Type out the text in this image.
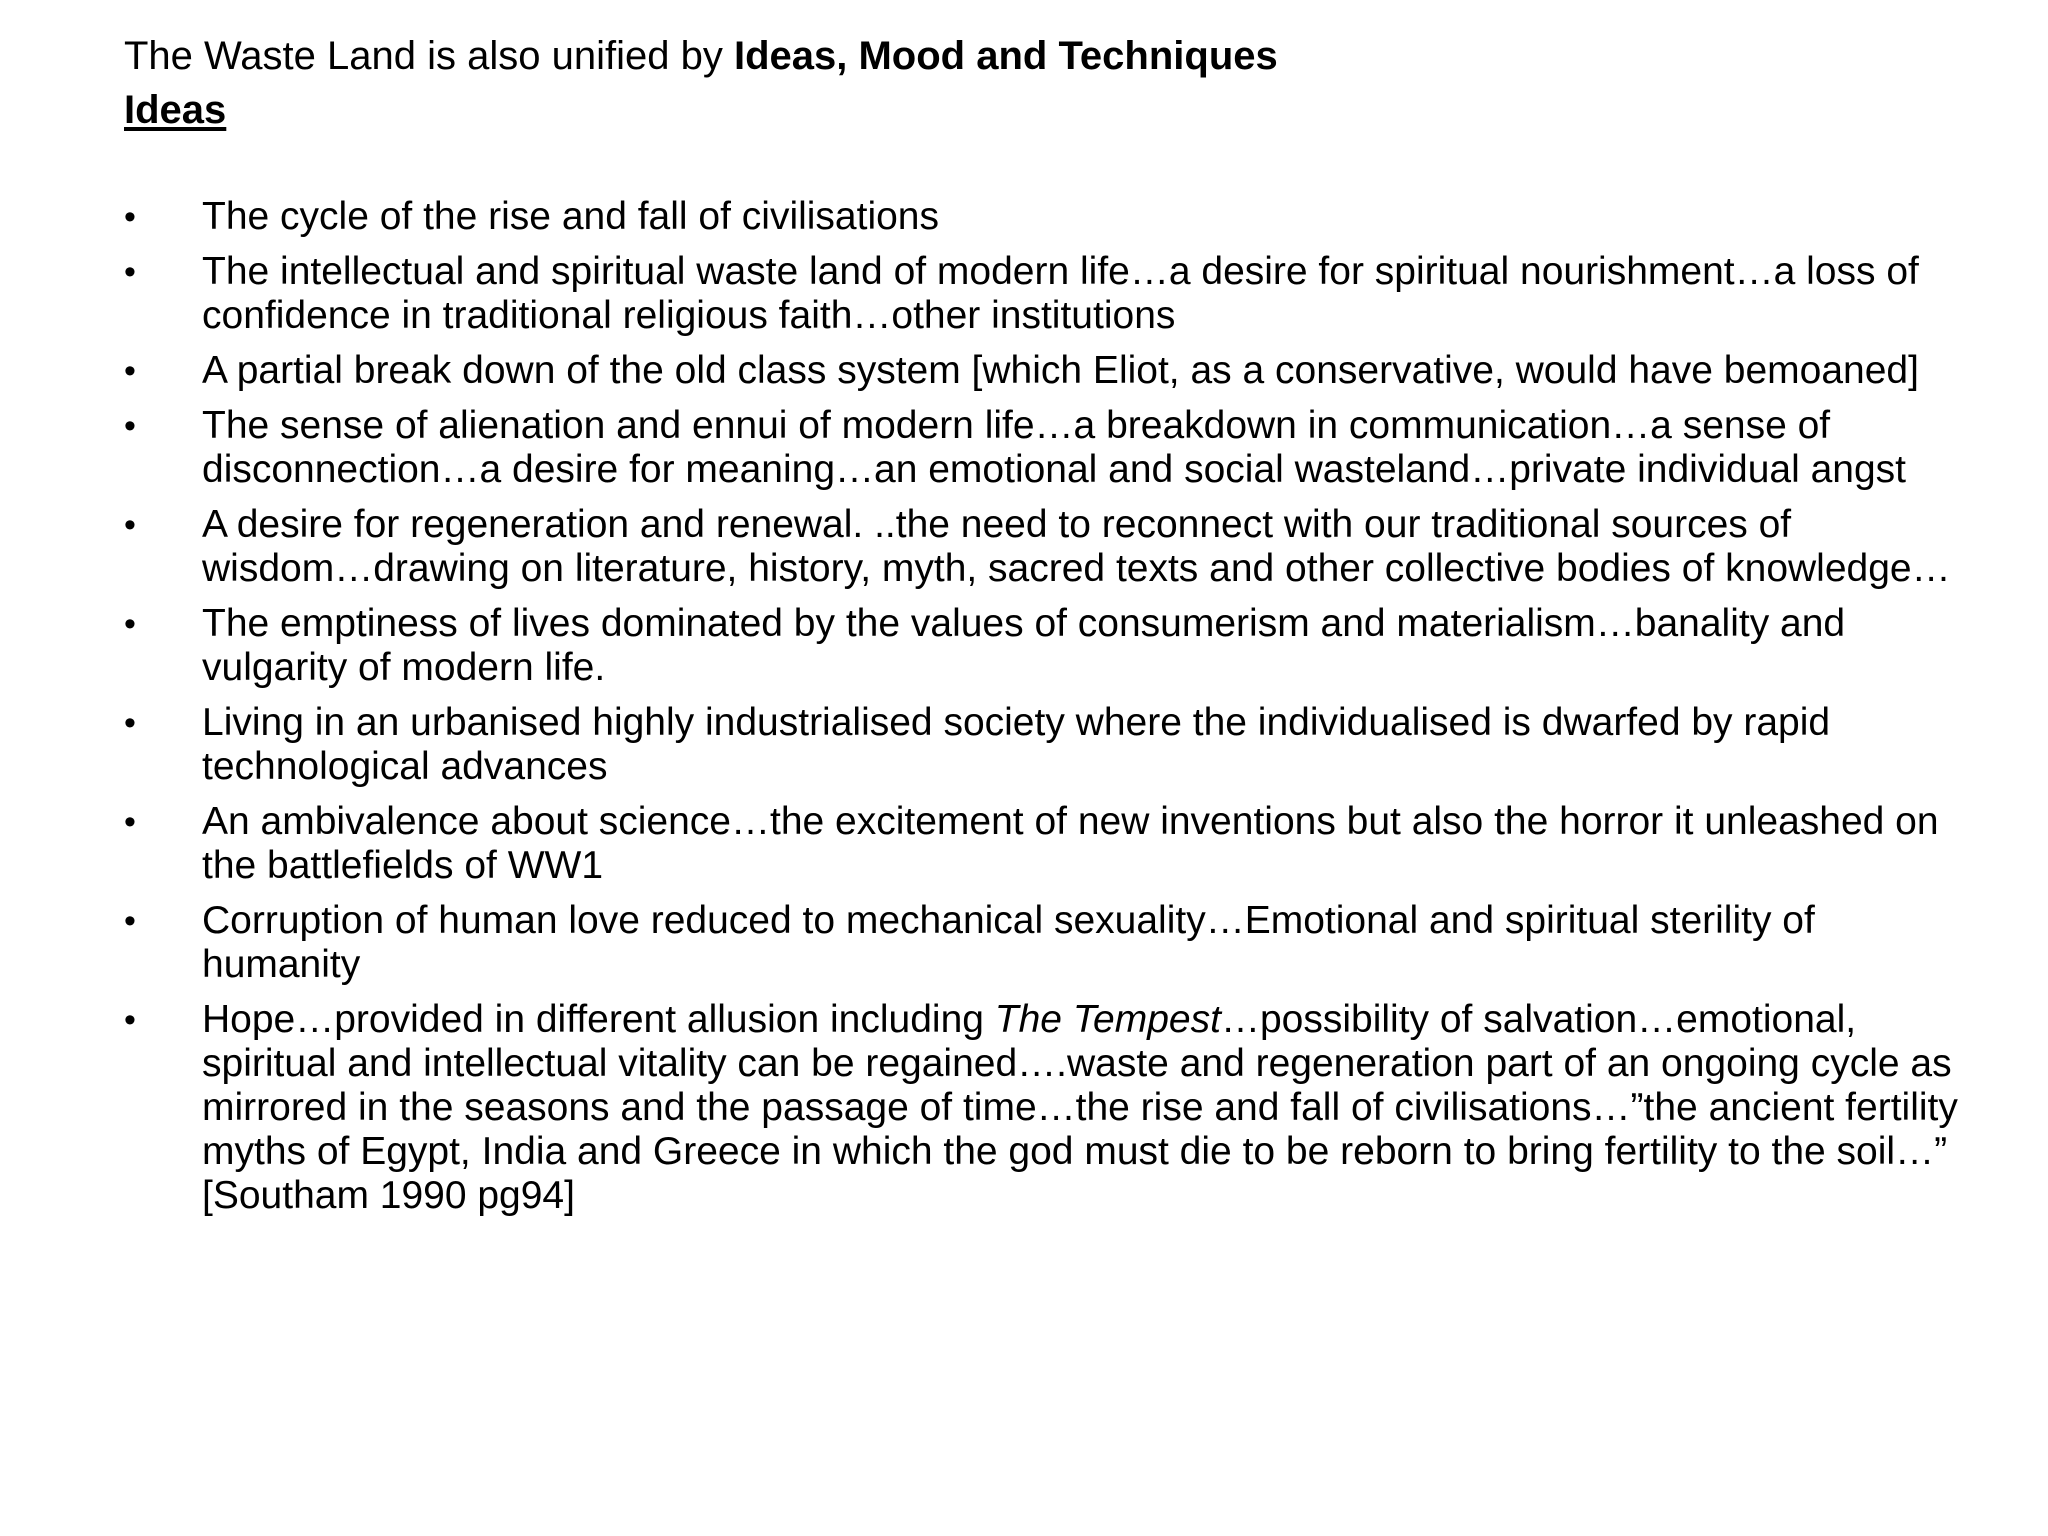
The Waste Land is also unified by Ideas, Mood and Techniques
Ideas
• The cycle of the rise and fall of civilisations
• The intellectual and spiritual waste land of modern life…a desire for spiritual nourishment…a loss of confidence in traditional religious faith…other institutions
• A partial break down of the old class system [which Eliot, as a conservative, would have bemoaned]
• The sense of alienation and ennui of modern life…a breakdown in communication…a sense of disconnection…a desire for meaning…an emotional and social wasteland…private individual angst
• A desire for regeneration and renewal. ..the need to reconnect with our traditional sources of wisdom…drawing on literature, history, myth, sacred texts and other collective bodies of knowledge…
• The emptiness of lives dominated by the values of consumerism and materialism…banality and vulgarity of modern life.
• Living in an urbanised highly industrialised society where the individualised is dwarfed by rapid technological advances
• An ambivalence about science…the excitement of new inventions but also the horror it unleashed on the battlefields of WW1
• Corruption of human love reduced to mechanical sexuality…Emotional and spiritual sterility of humanity
• Hope…provided in different allusion including The Tempest…possibility of salvation…emotional, spiritual and intellectual vitality can be regained….waste and regeneration part of an ongoing cycle as mirrored in the seasons and the passage of time…the rise and fall of civilisations…”the ancient fertility myths of Egypt, India and Greece in which the god must die to be reborn to bring fertility to the soil…” [Southam 1990 pg94]
